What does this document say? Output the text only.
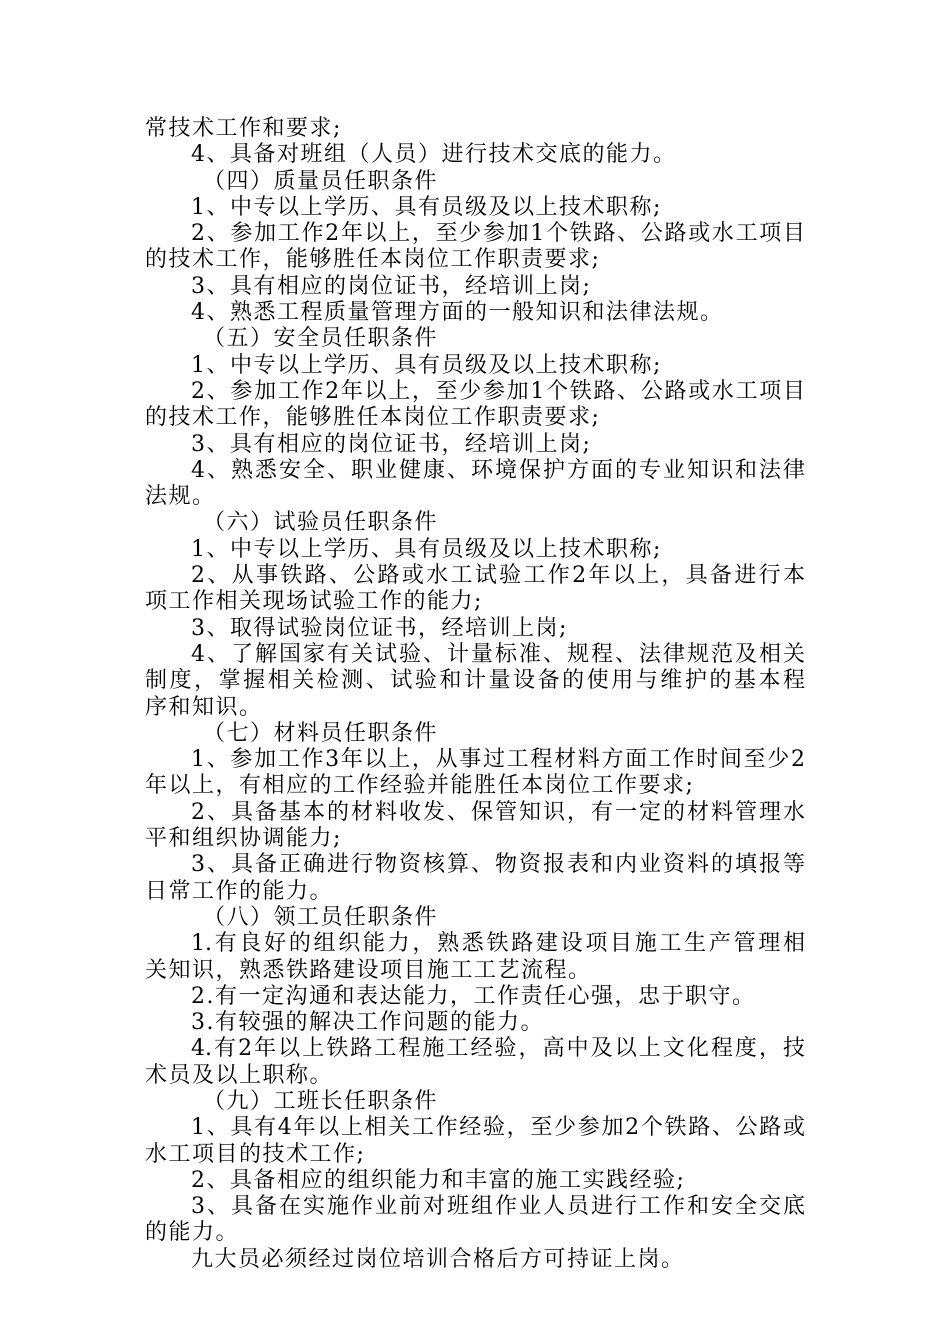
常技术工作和要求;
4、具备对班组（人员）进行技术交底的能力。
（四）质量员任职条件
1、中专以上学历、具有员级及以上技术职称;
2、参加工作2年以上，至少参加1个铁路、公路或水工项目
的技术工作，能够胜任本岗位工作职责要求;
3、具有相应的岗位证书，经培训上岗;
4、熟悉工程质量管理方面的一般知识和法律法规。
（五）安全员任职条件
1、中专以上学历、具有员级及以上技术职称;
2、参加工作2年以上，至少参加1个铁路、公路或水工项目
的技术工作，能够胜任本岗位工作职责要求;
3、具有相应的岗位证书，经培训上岗;
4、熟悉安全、职业健康、环境保护方面的专业知识和法律
法规。
（六）试验员任职条件
1、中专以上学历、具有员级及以上技术职称;
2、从事铁路、公路或水工试验工作2年以上，具备进行本
项工作相关现场试验工作的能力;
3、取得试验岗位证书，经培训上岗;
4、了解国家有关试验、计量标准、规程、法律规范及相关
制度，掌握相关检测、试验和计量设备的使用与维护的基本程
序和知识。
（七）材料员任职条件
1、参加工作3年以上，从事过工程材料方面工作时间至少2
年以上，有相应的工作经验并能胜任本岗位工作要求;
2、具备基本的材料收发、保管知识，有一定的材料管理水
平和组织协调能力;
3、具备正确进行物资核算、物资报表和内业资料的填报等
日常工作的能力。
（八）领工员任职条件
1.有良好的组织能力，熟悉铁路建设项目施工生产管理相
关知识，熟悉铁路建设项目施工工艺流程。
2.有一定沟通和表达能力，工作责任心强，忠于职守。
3.有较强的解决工作问题的能力。
4.有2年以上铁路工程施工经验，高中及以上文化程度，技
术员及以上职称。
（九）工班长任职条件
1、具有4年以上相关工作经验，至少参加2个铁路、公路或
水工项目的技术工作;
2、具备相应的组织能力和丰富的施工实践经验;
3、具备在实施作业前对班组作业人员进行工作和安全交底
的能力。
九大员必须经过岗位培训合格后方可持证上岗。
